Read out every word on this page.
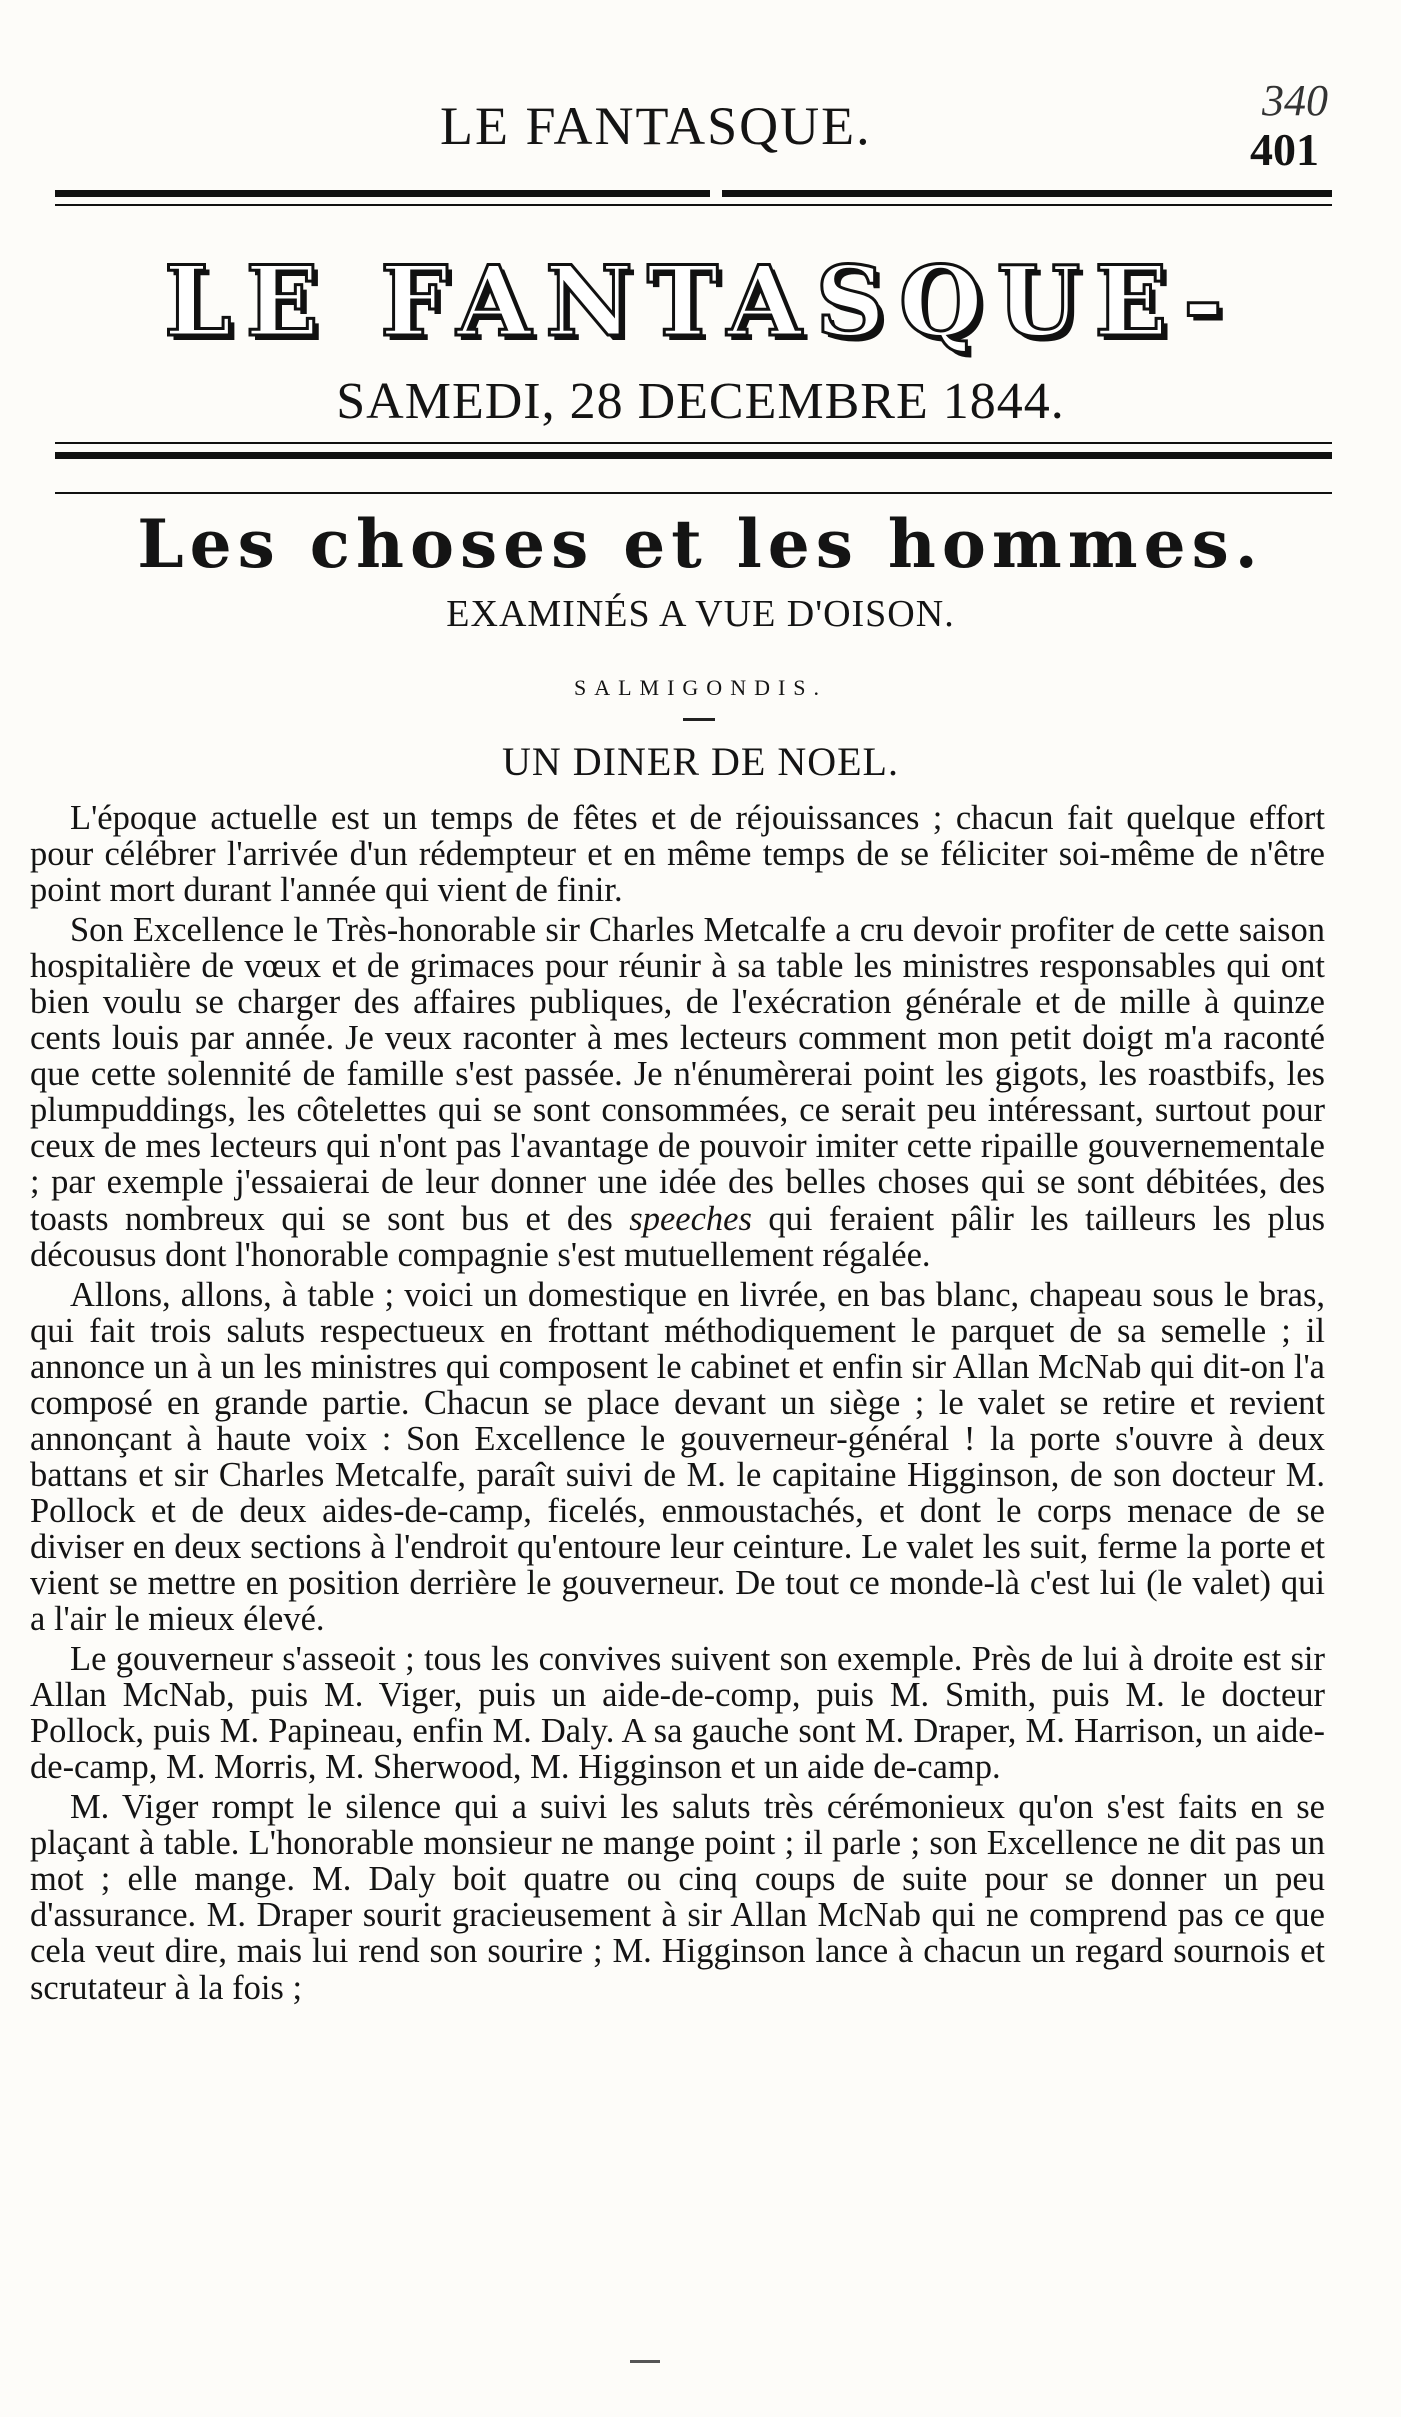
LE FANTASQUE.	340
401
LE FANTASQUE-
SAMEDI, 28 DECEMBRE 1844.
Les choses et les hommes.
EXAMINÉS A VUE D'OISON.
SALMIGONDIS.
UN DINER DE NOEL.

L'époque actuelle est un temps de fêtes et de réjouissances ; chacun fait quelque effort pour célébrer l'arrivée d'un rédempteur et en même temps de se féliciter soi-même de n'être point mort durant l'année qui vient de finir.

Son Excellence le Très-honorable sir Charles Metcalfe a cru devoir profiter de cette saison hospitalière de vœux et de grimaces pour réunir à sa table les ministres responsables qui ont bien voulu se charger des affaires publiques, de l'exécration générale et de mille à quinze cents louis par année. Je veux raconter à mes lecteurs comment mon petit doigt m'a raconté que cette solennité de famille s'est passée. Je n'énumèrerai point les gigots, les roastbifs, les plumpuddings, les côtelettes qui se sont consommées, ce serait peu intéressant, surtout pour ceux de mes lecteurs qui n'ont pas l'avantage de pouvoir imiter cette ripaille gouvernementale ; par exemple j'essaierai de leur donner une idée des belles choses qui se sont débitées, des toasts nombreux qui se sont bus et des speeches qui feraient pâlir les tailleurs les plus décousus dont l'honorable compagnie s'est mutuellement régalée.

Allons, allons, à table ; voici un domestique en livrée, en bas blanc, chapeau sous le bras, qui fait trois saluts respectueux en frottant méthodiquement le parquet de sa semelle ; il annonce un à un les ministres qui composent le cabinet et enfin sir Allan McNab qui dit-on l'a composé en grande partie. Chacun se place devant un siège ; le valet se retire et revient annonçant à haute voix : Son Excellence le gouverneur-général ! la porte s'ouvre à deux battans et sir Charles Metcalfe, paraît suivi de M. le capitaine Higginson, de son docteur M. Pollock et de deux aides-de-camp, ficelés, enmoustachés, et dont le corps menace de se diviser en deux sections à l'endroit qu'entoure leur ceinture. Le valet les suit, ferme la porte et vient se mettre en position derrière le gouverneur. De tout ce monde-là c'est lui (le valet) qui a l'air le mieux élevé.

Le gouverneur s'asseoit ; tous les convives suivent son exemple. Près de lui à droite est sir Allan McNab, puis M. Viger, puis un aide-de-comp, puis M. Smith, puis M. le docteur Pollock, puis M. Papineau, enfin M. Daly. A sa gauche sont M. Draper, M. Harrison, un aide-de-camp, M. Morris, M. Sherwood, M. Higginson et un aide de-camp.

M. Viger rompt le silence qui a suivi les saluts très cérémonieux qu'on s'est faits en se plaçant à table. L'honorable monsieur ne mange point ; il parle ; son Excellence ne dit pas un mot ; elle mange. M. Daly boit quatre ou cinq coups de suite pour se donner un peu d'assurance. M. Draper sourit gracieusement à sir Allan McNab qui ne comprend pas ce que cela veut dire, mais lui rend son sourire ; M. Higginson lance à chacun un regard sournois et scrutateur à la fois ;
